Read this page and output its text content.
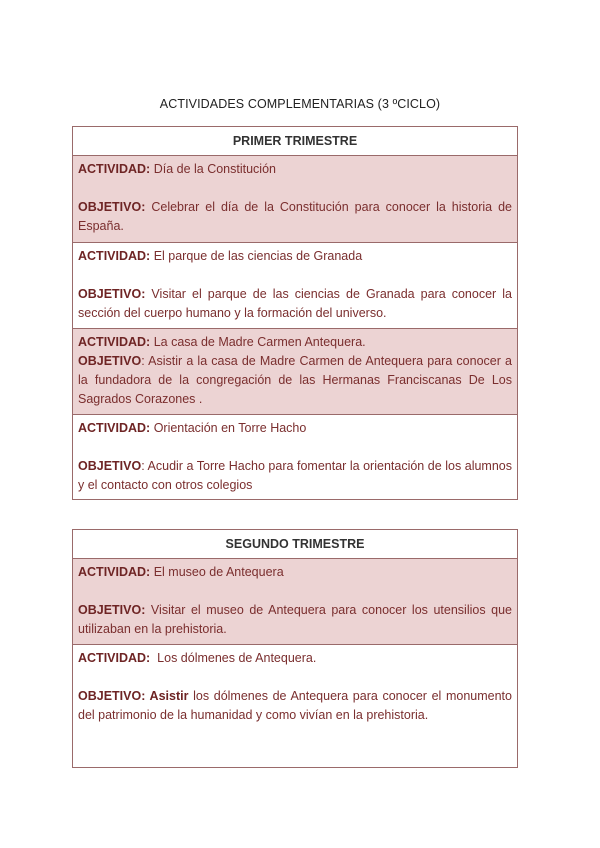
ACTIVIDADES COMPLEMENTARIAS (3 ºCICLO)
PRIMER TRIMESTRE
ACTIVIDAD: Día de la Constitución
OBJETIVO: Celebrar el día de la Constitución para conocer la historia de España.
ACTIVIDAD: El parque de las ciencias de Granada
OBJETIVO: Visitar el parque de las ciencias de Granada para conocer la sección del cuerpo humano y la formación del universo.
ACTIVIDAD: La casa de Madre Carmen Antequera.
OBJETIVO: Asistir a la casa de Madre Carmen de Antequera para conocer a la fundadora de la congregación de las Hermanas Franciscanas De Los Sagrados Corazones .
ACTIVIDAD: Orientación en Torre Hacho
OBJETIVO: Acudir a Torre Hacho para fomentar la orientación de los alumnos y el contacto con otros colegios
SEGUNDO TRIMESTRE
ACTIVIDAD: El museo de Antequera
OBJETIVO: Visitar el museo de Antequera para conocer los utensilios que utilizaban en la prehistoria.
ACTIVIDAD:  Los dólmenes de Antequera.
OBJETIVO: Asistir los dólmenes de Antequera para conocer el monumento del patrimonio de la humanidad y como vivían en la prehistoria.
